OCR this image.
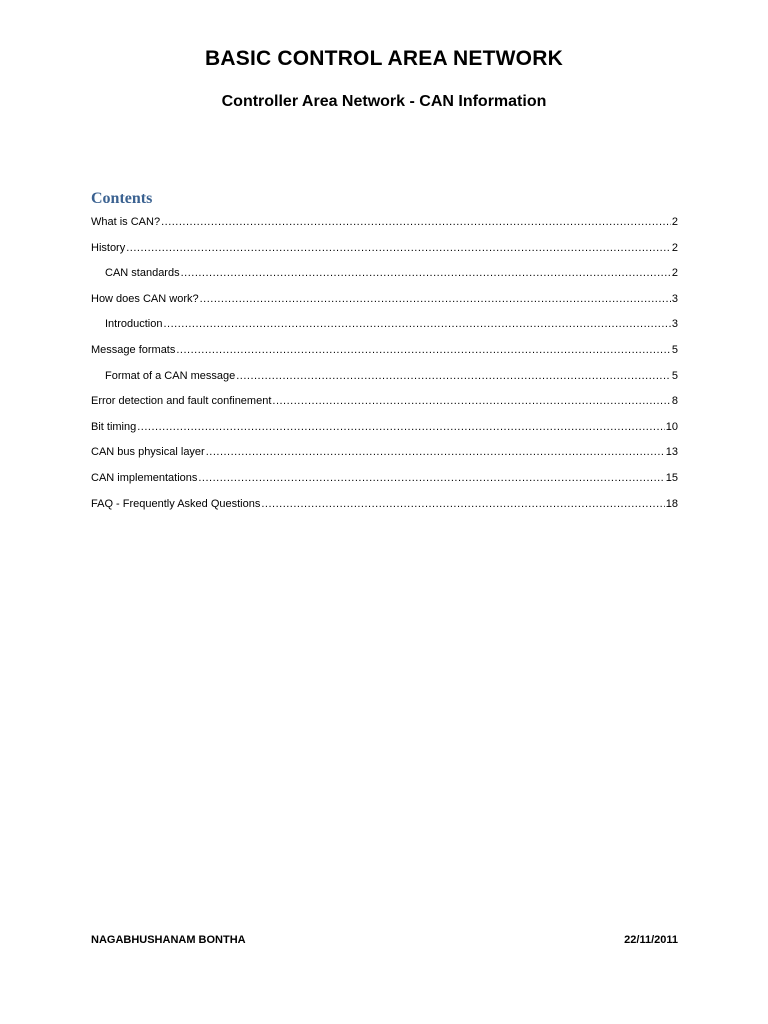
BASIC CONTROL AREA NETWORK
Controller Area Network - CAN Information
Contents
What is CAN? .....	2
History .....	2
CAN standards .....	2
How does CAN work? .....	3
Introduction .....	3
Message formats .....	5
Format of a CAN message .....	5
Error detection and fault confinement .....	8
Bit timing .....	10
CAN bus physical layer .....	13
CAN implementations .....	15
FAQ - Frequently Asked Questions .....	18
NAGABHUSHANAM BONTHA	22/11/2011
